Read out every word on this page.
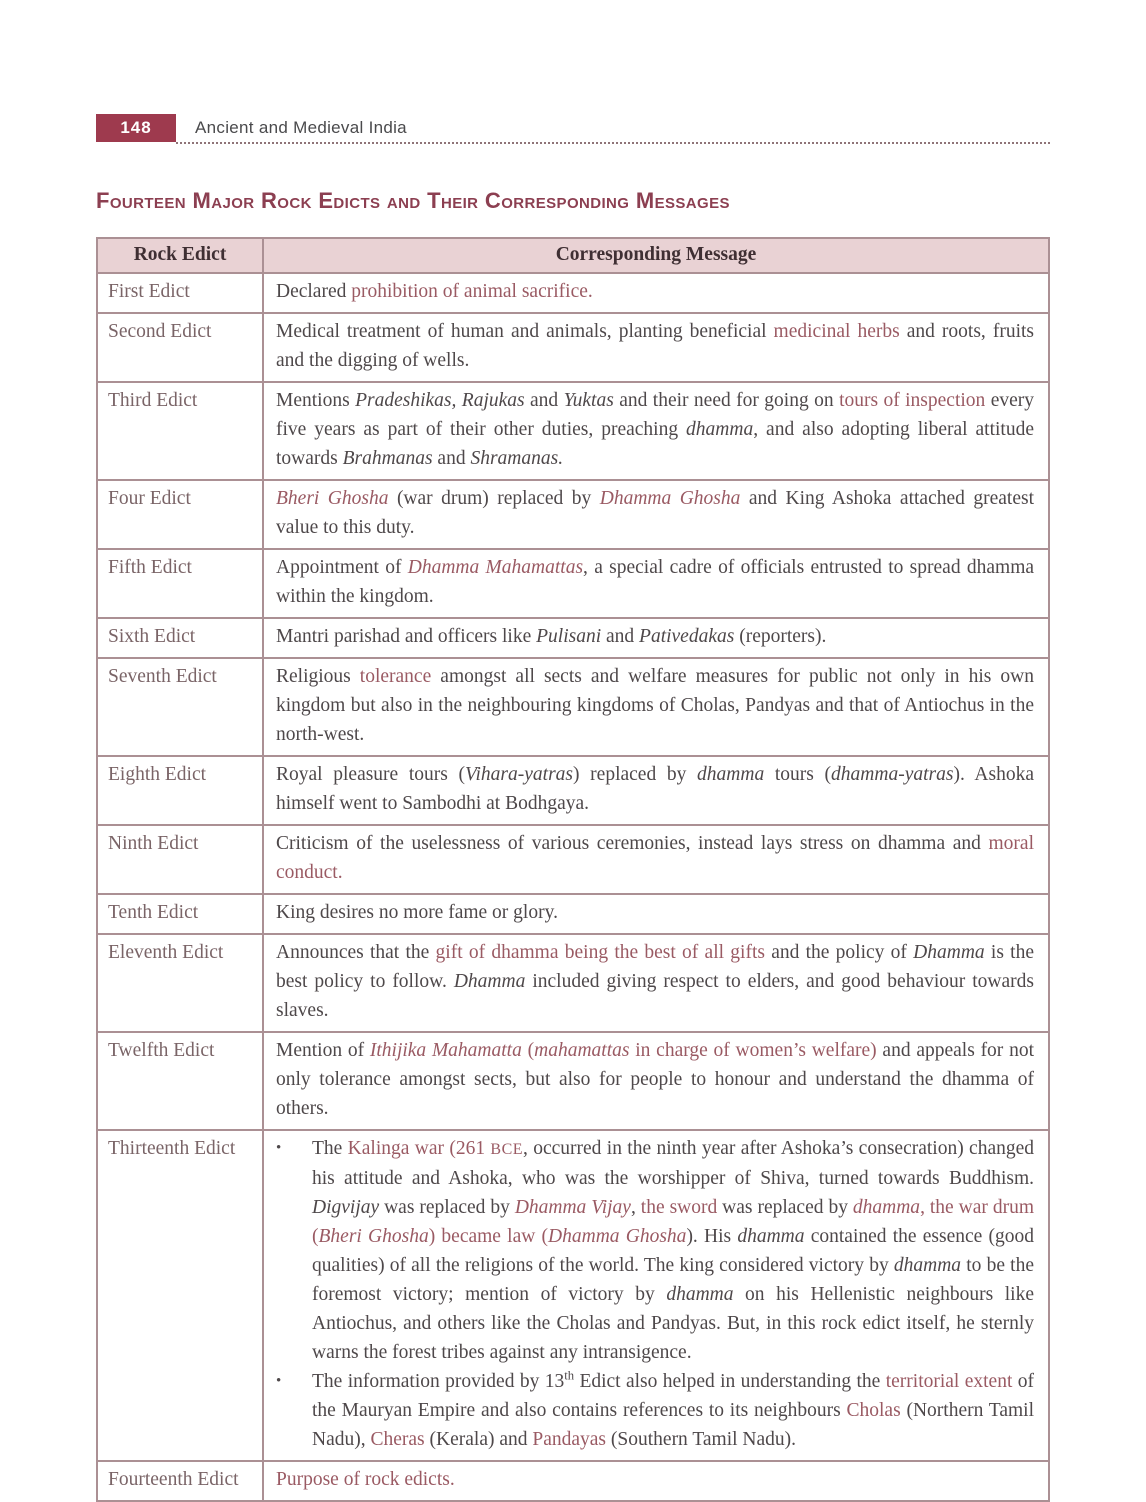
148	Ancient and Medieval India
Fourteen Major Rock Edicts and Their Corresponding Messages
Rock Edict	Corresponding Message
First Edict	Declared prohibition of animal sacrifice.
Second Edict	Medical treatment of human and animals, planting beneficial medicinal herbs and roots, fruits and the digging of wells.
Third Edict	Mentions Pradeshikas, Rajukas and Yuktas and their need for going on tours of inspection every five years as part of their other duties, preaching dhamma, and also adopting liberal attitude towards Brahmanas and Shramanas.
Four Edict	Bheri Ghosha (war drum) replaced by Dhamma Ghosha and King Ashoka attached greatest value to this duty.
Fifth Edict	Appointment of Dhamma Mahamattas, a special cadre of officials entrusted to spread dhamma within the kingdom.
Sixth Edict	Mantri parishad and officers like Pulisani and Pativedakas (reporters).
Seventh Edict	Religious tolerance amongst all sects and welfare measures for public not only in his own kingdom but also in the neighbouring kingdoms of Cholas, Pandyas and that of Antiochus in the north-west.
Eighth Edict	Royal pleasure tours (Vihara-yatras) replaced by dhamma tours (dhamma-yatras). Ashoka himself went to Sambodhi at Bodhgaya.
Ninth Edict	Criticism of the uselessness of various ceremonies, instead lays stress on dhamma and moral conduct.
Tenth Edict	King desires no more fame or glory.
Eleventh Edict	Announces that the gift of dhamma being the best of all gifts and the policy of Dhamma is the best policy to follow. Dhamma included giving respect to elders, and good behaviour towards slaves.
Twelfth Edict	Mention of Ithijika Mahamatta (mahamattas in charge of women’s welfare) and appeals for not only tolerance amongst sects, but also for people to honour and understand the dhamma of others.
Thirteenth Edict	• The Kalinga war (261 BCE, occurred in the ninth year after Ashoka’s consecration) changed his attitude and Ashoka, who was the worshipper of Shiva, turned towards Buddhism. Digvijay was replaced by Dhamma Vijay, the sword was replaced by dhamma, the war drum (Bheri Ghosha) became law (Dhamma Ghosha). His dhamma contained the essence (good qualities) of all the religions of the world. The king considered victory by dhamma to be the foremost victory; mention of victory by dhamma on his Hellenistic neighbours like Antiochus, and others like the Cholas and Pandyas. But, in this rock edict itself, he sternly warns the forest tribes against any intransigence.
• The information provided by 13th Edict also helped in understanding the territorial extent of the Mauryan Empire and also contains references to its neighbours Cholas (Northern Tamil Nadu), Cheras (Kerala) and Pandayas (Southern Tamil Nadu).

Fourteenth Edict	Purpose of rock edicts.
